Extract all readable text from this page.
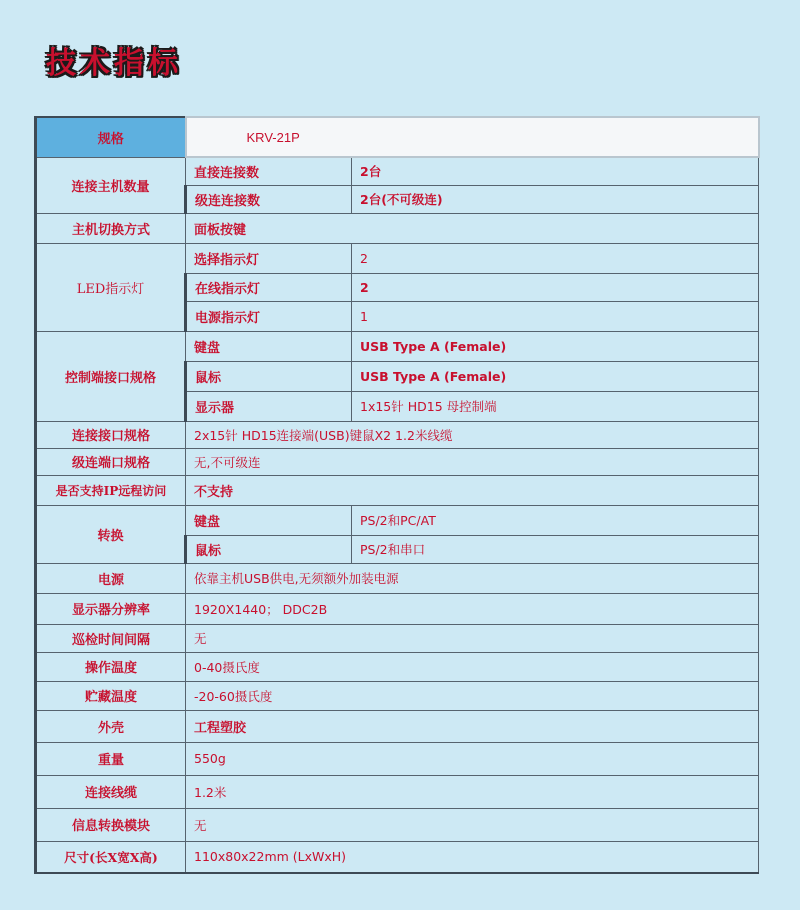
技术指标
规格	KRV-21P	
连接主机数量	直接连接数	2台
	级连连接数	2台(不可级连)
主机切换方式	面板按键	
LED指示灯	选择指示灯	2
	在线指示灯	2
	电源指示灯	1
控制端接口规格	键盘	USB Type A (Female)
	鼠标	USB Type A (Female)
	显示器	1x15针 HD15 母控制端
连接接口规格	2x15针 HD15连接端(USB)键鼠X2 1.2米线缆	
级连端口规格	无,不可级连	
是否支持IP远程访问	不支持	
转换	键盘	PS/2和PC/AT
	鼠标	PS/2和串口
电源	依靠主机USB供电,无须额外加装电源	
显示器分辨率	1920X1440； DDC2B	
巡检时间间隔	无	
操作温度	0-40摄氏度	
贮藏温度	-20-60摄氏度	
外壳	工程塑胶	
重量	550g	
连接线缆	1.2米	
信息转换模块	无	
尺寸(长X宽X高)	110x80x22mm (LxWxH)	
